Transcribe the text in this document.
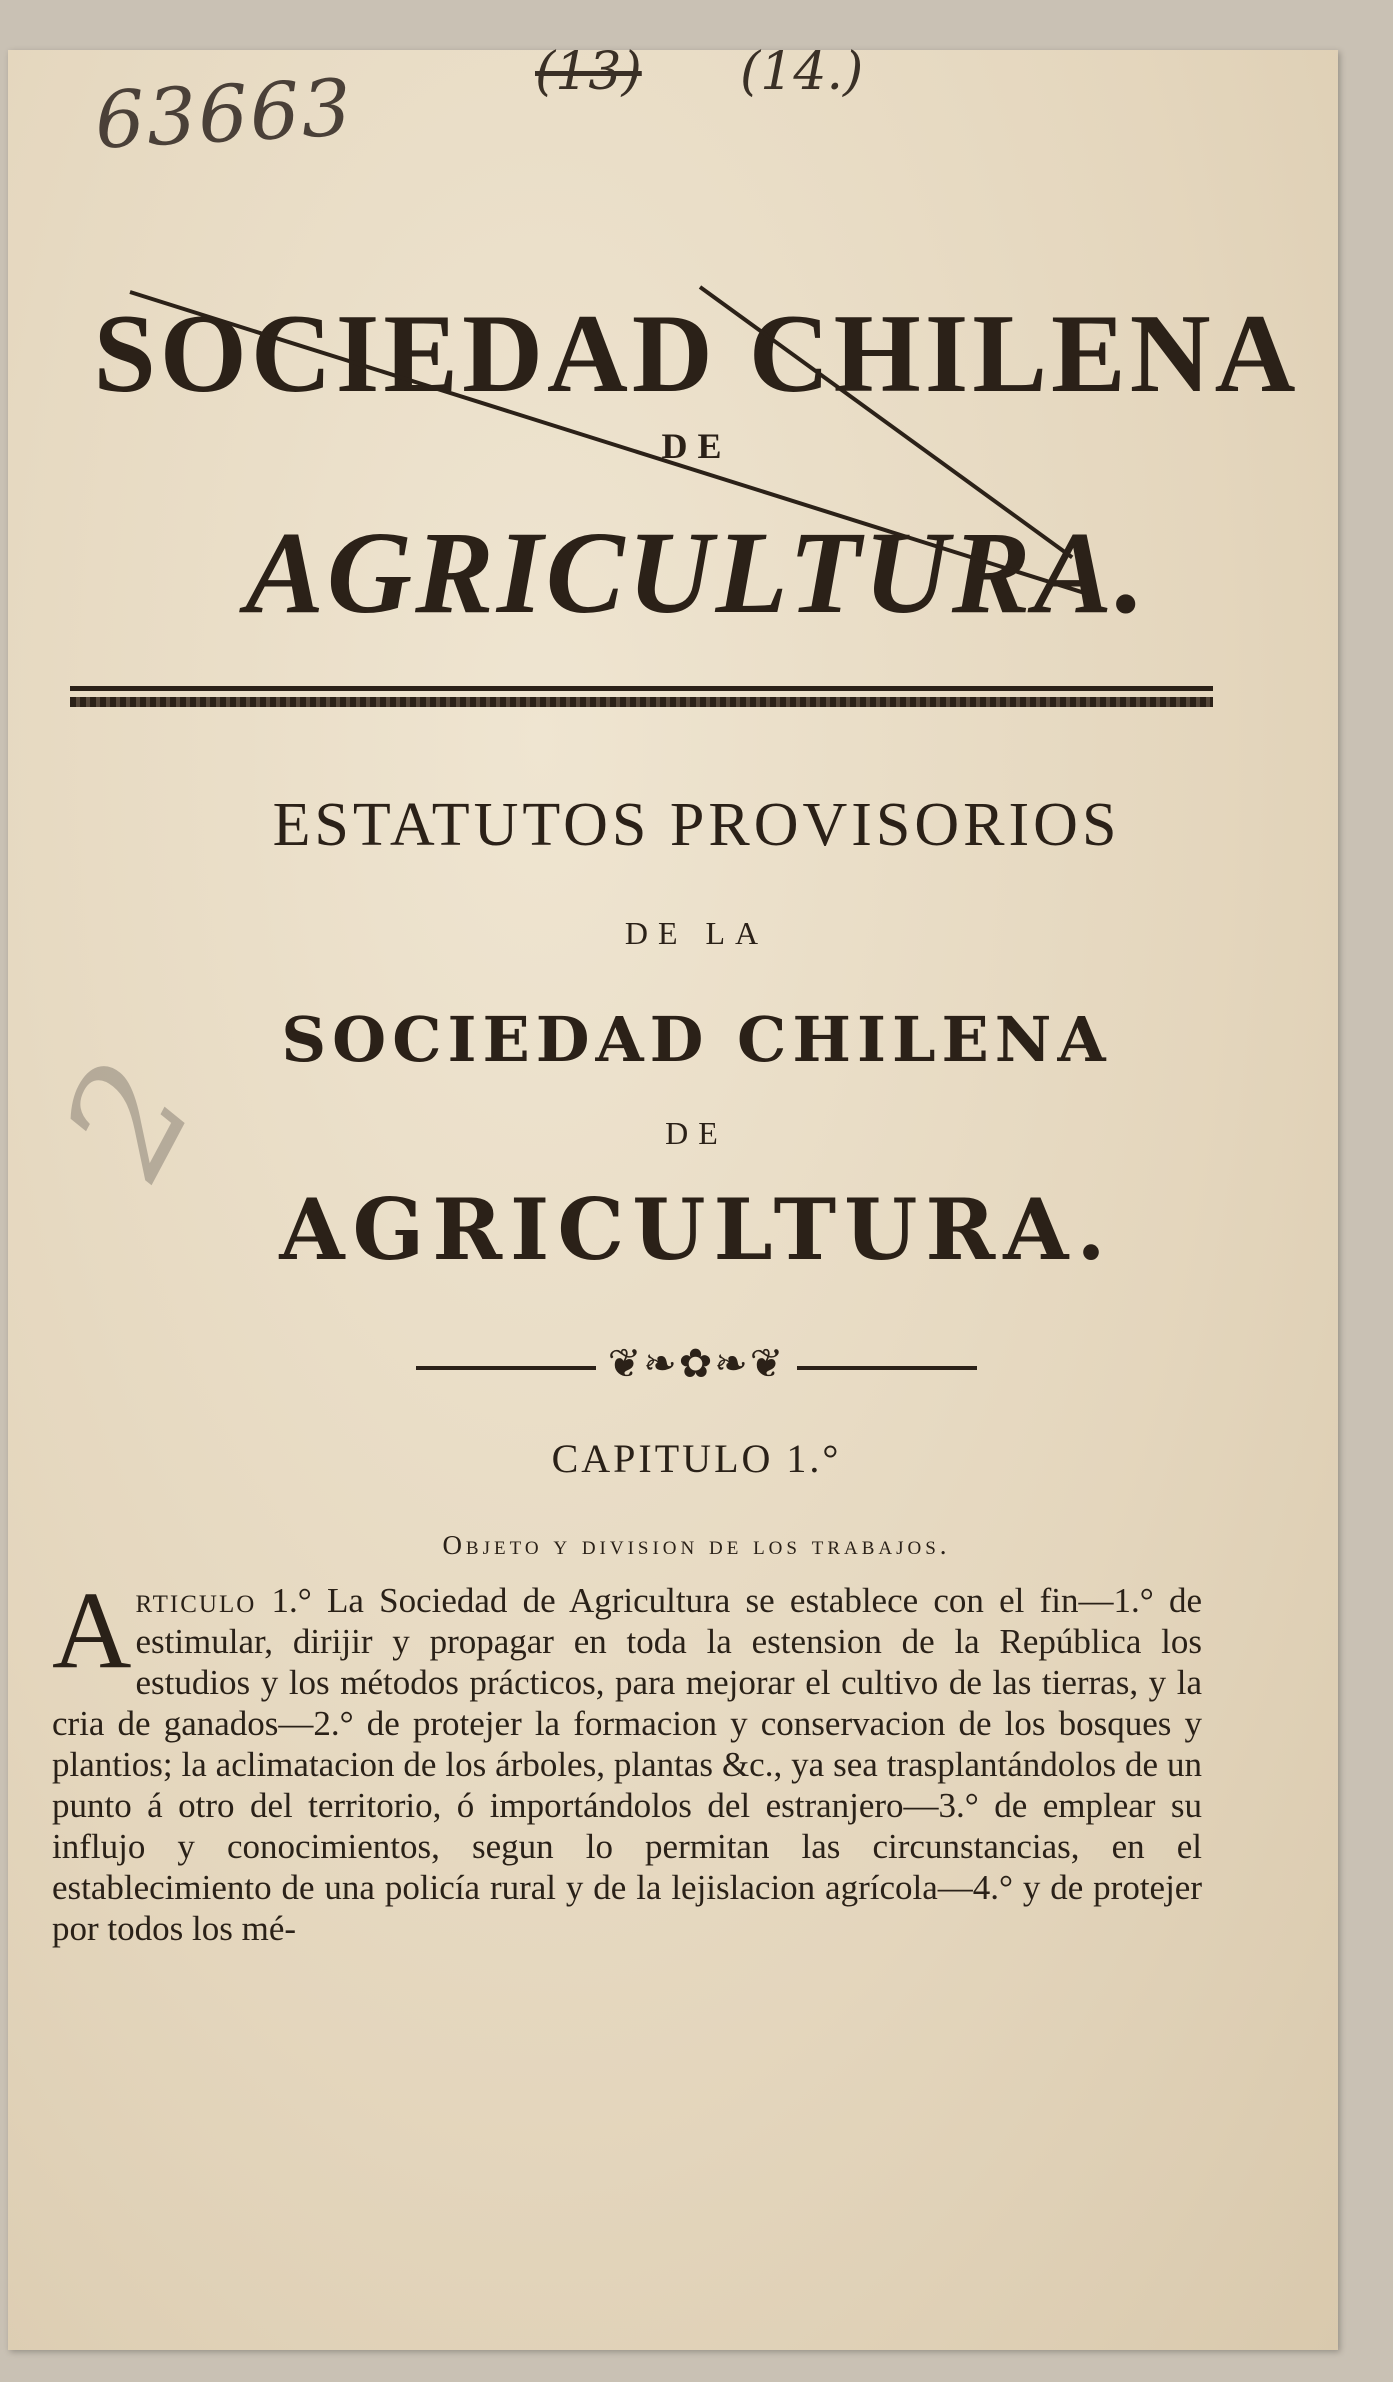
63663	(13) (14.)
2
SOCIEDAD CHILENA
DE
AGRICULTURA.
ESTATUTOS PROVISORIOS
DE LA
SOCIEDAD CHILENA
DE
AGRICULTURA.
❦❧✿❧❦
CAPITULO 1.°
Objeto y division de los trabajos.
Articulo 1.° La Sociedad de Agricultura se establece con el fin—1.° de estimular, dirijir y propagar en toda la estension de la República los estudios y los métodos prácticos, para mejorar el cultivo de las tierras, y la cria de ganados—2.° de protejer la formacion y conservacion de los bosques y plantios; la aclimatacion de los árboles, plantas &c., ya sea trasplantándolos de un punto á otro del territorio, ó importándolos del estranjero—3.° de emplear su influjo y conocimientos, segun lo permitan las circunstancias, en el establecimiento de una policía rural y de la lejislacion agrícola—4.° y de protejer por todos los mé-
